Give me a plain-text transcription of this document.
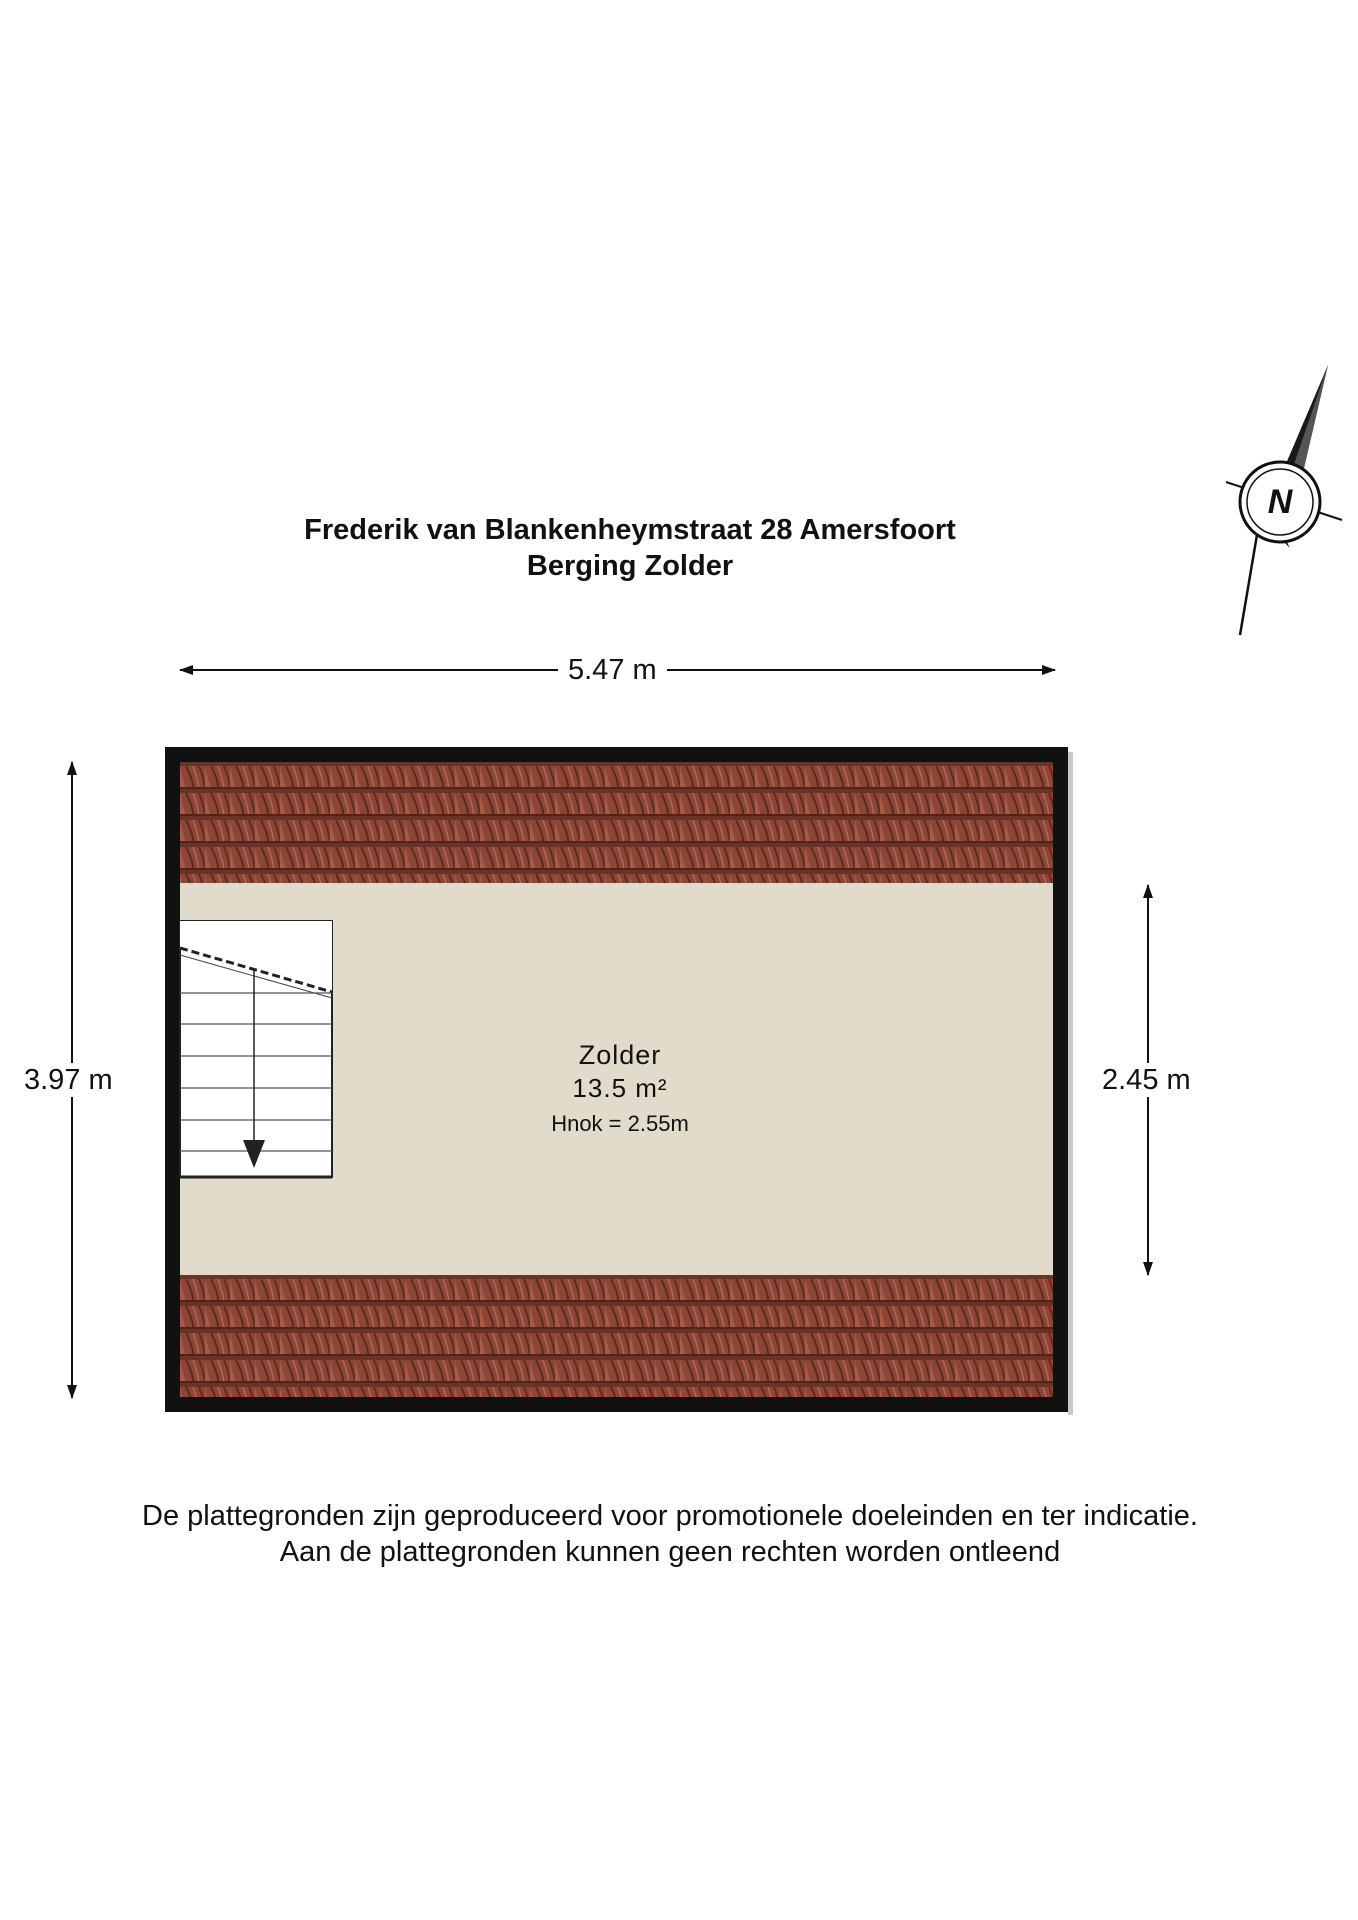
N
Frederik van Blankenheymstraat 28 Amersfoort
Berging Zolder
5.47 m
3.97 m	2.45 m
Zolder
13.5 m²
Hnok = 2.55m
De plattegronden zijn geproduceerd voor promotionele doeleinden en ter indicatie.
Aan de plattegronden kunnen geen rechten worden ontleend
